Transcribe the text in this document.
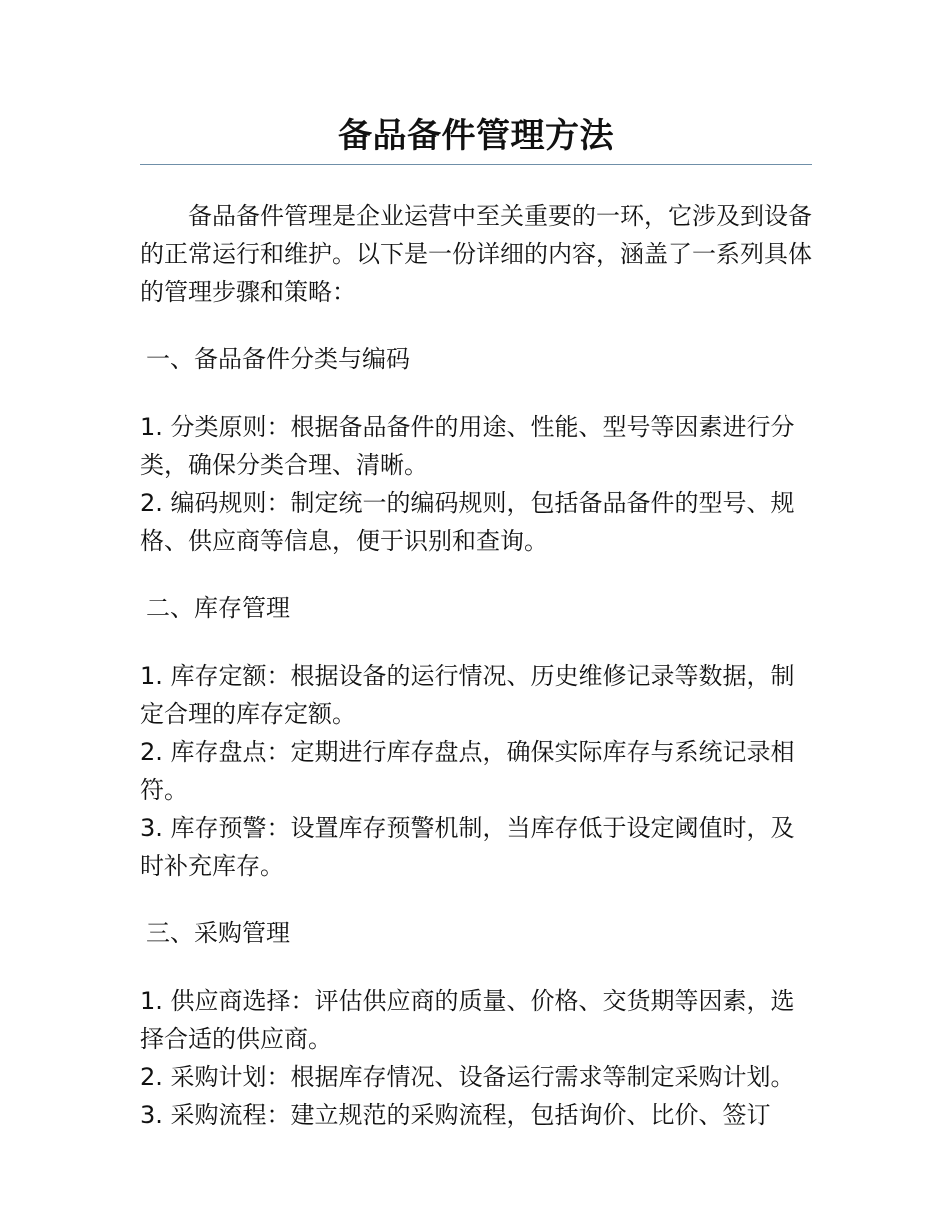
备品备件管理方法

备品备件管理是企业运营中至关重要的一环，它涉及到设备的正常运行和维护。以下是一份详细的内容，涵盖了一系列具体的管理步骤和策略：

一、备品备件分类与编码
1. 分类原则：根据备品备件的用途、性能、型号等因素进行分类，确保分类合理、清晰。
2. 编码规则：制定统一的编码规则，包括备品备件的型号、规格、供应商等信息，便于识别和查询。
二、库存管理
1. 库存定额：根据设备的运行情况、历史维修记录等数据，制定合理的库存定额。
2. 库存盘点：定期进行库存盘点，确保实际库存与系统记录相符。
3. 库存预警：设置库存预警机制，当库存低于设定阈值时，及时补充库存。
三、采购管理
1. 供应商选择：评估供应商的质量、价格、交货期等因素，选择合适的供应商。
2. 采购计划：根据库存情况、设备运行需求等制定采购计划。
3. 采购流程：建立规范的采购流程，包括询价、比价、签订
